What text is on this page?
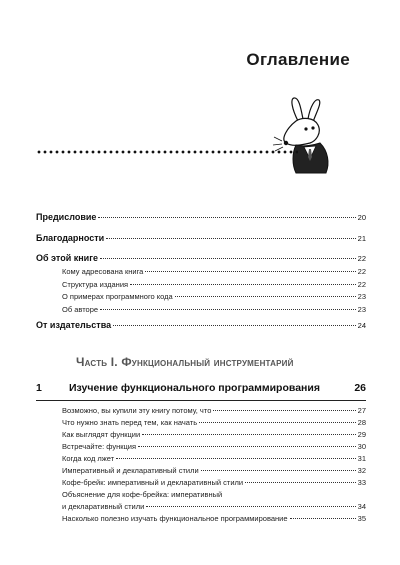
Оглавление
Предисловие	20
Благодарности	21
Об этой книге	22
Кому адресована книга	22
Структура издания	22
О примерах программного кода	23
Об авторе	23
От издательства	24
Часть I. Функциональный инструментарий
1	Изучение функционального программирования	26
Возможно, вы купили эту книгу потому, что	27
Что нужно знать перед тем, как начать	28
Как выглядят функции	29
Встречайте: функция	30
Когда код лжет	31
Императивный и декларативный стили	32
Кофе-брейк: императивный и декларативный стили	33
Объяснение для кофе-брейка: императивный
и декларативный стили	34
Насколько полезно изучать функциональное программирование	35
